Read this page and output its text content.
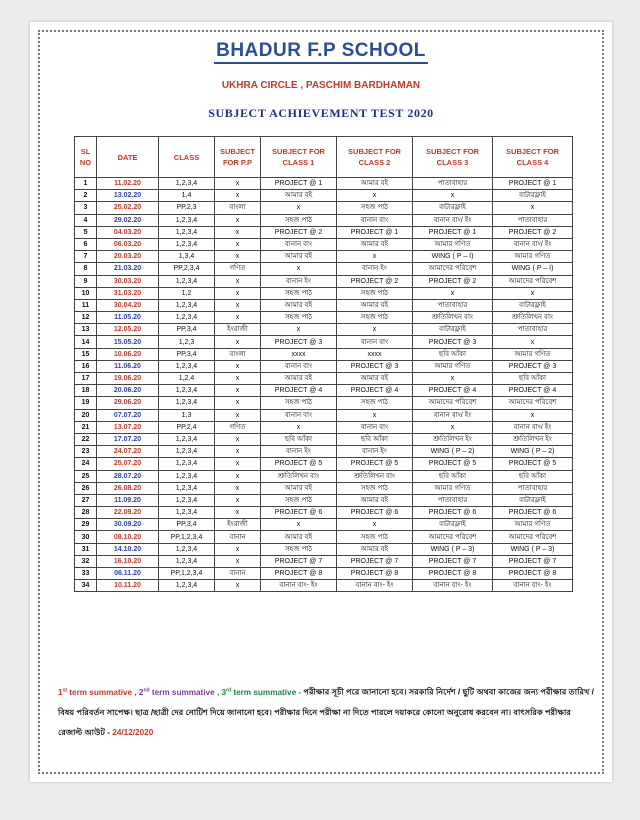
BHADUR F.P SCHOOL
UKHRA CIRCLE , PASCHIM BARDHAMAN
SUBJECT ACHIEVEMENT TEST 2020
SL NO	DATE	CLASS	SUBJECT FOR P.P	SUBJECT FOR CLASS 1	SUBJECT FOR CLASS 2	SUBJECT FOR CLASS 3	SUBJECT FOR CLASS 4
1	11.02.20	1,2,3,4	x	PROJECT @ 1	আমার বই	পাতাবাহার	PROJECT @ 1
2	13.02.20	1,4	x	আমার বই	x	x	বাটারফ্লাই
3	25.02.20	PP,2,3	বাংলা	x	সহজ পাঠ	বাটারফ্লাই	x
4	29.02.20	1,2,3,4	x	সহজ পাঠ	বানান বাং	বানান বাং/ ইং	পাতাবাহার
5	04.03.20	1,2,3,4	x	PROJECT @ 2	PROJECT @ 1	PROJECT @ 1	PROJECT @ 2
6	06.03.20	1,2,3,4	x	বানান বাং	আমার বই	আমার গণিত	বানান বাং/ ইং
7	20.03.20	1,3,4	x	আমার বই	x	WING ( P – I)	আমার গণিত
8	21.03.20	PP,2,3,4	গণিত	x	বানান ইং	আমাদের পরিবেশ	WING ( P – I)
9	30.03.20	1,2,3,4	x	বানান ইং	PROJECT @ 2	PROJECT @ 2	আমাদের পরিবেশ
10	31.03.20	1,2	x	সহজ পাঠ	সহজ পাঠ	x	x
11	30.04.20	1,2,3,4	x	আমার বই	আমার বই	পাতাবাহার	বাটারফ্লাই
12	11.05.20	1,2,3,4	x	সহজ পাঠ	সহজ পাঠ	শ্রুতিলিখন বাং	শ্রুতিলিখন বাং
13	12.05.20	PP,3,4	ইংরাজী	x	x	বাটারফ্লাই	পাতাবাহার
14	15.05.20	1,2,3	x	PROJECT @ 3	বানান বাং	PROJECT @ 3	x
15	10.06.20	PP,3,4	বাংলা	xxxx	xxxx	ছবি আঁকা	আমার গণিত
16	11.06.20	1,2,3,4	x	বানান বাং	PROJECT @ 3	আমার গণিত	PROJECT @ 3
17	19.06.20	1,2,4	x	আমার বই	আমার বই	x	ছবি আঁকা
18	20.06.20	1,2,3,4	x	PROJECT @ 4	PROJECT @ 4	PROJECT @ 4	PROJECT @ 4
19	29.06.20	1,2,3,4	x	সহজ পাঠ	সহজ পাঠ	আমাদের পরিবেশ	আমাদের পরিবেশ
20	07.07.20	1,3	x	বানান বাং	x	বানান বাং/ ইং	x
21	13.07.20	PP,2,4	গণিত	x	বানান বাং	x	বানান বাং/ ইং
22	17.07.20	1,2,3,4	x	ছবি আঁকা	ছবি আঁকা	শ্রুতিলিখন ইং	শ্রুতিলিখন ইং
23	24.07.20	1,2,3,4	x	বানান ইং	বানান ইং	WING ( P – 2)	WING ( P – 2)
24	25.07.20	1,2,3,4	x	PROJECT @ 5	PROJECT @ 5	PROJECT @ 5	PROJECT @ 5
25	28.07.20	1,2,3,4	x	শ্রুতিলিখন বাং	শ্রুতিলিখন বাং	ছবি আঁকা	ছবি আঁকা
26	26.08.20	1,2,3,4	x	আমার বই	সহজ পাঠ	আমার গণিত	পাতাবাহার
27	11.09.20	1,2,3,4	x	সহজ পাঠ	আমার বই	পাতাবাহার	বাটারফ্লাই
28	22.09.20	1,2,3,4	x	PROJECT @ 6	PROJECT @ 6	PROJECT @ 6	PROJECT @ 6
29	30.09.20	PP,3,4	ইংরাজী	x	x	বাটারফ্লাই	আমার গণিত
30	08.10.20	PP,1,2,3,4	বানান	আমার বই	সহজ পাঠ	আমাদের পরিবেশ	আমাদের পরিবেশ
31	14.10.20	1,2,3,4	x	সহজ পাঠ	আমার বই	WING ( P – 3)	WING ( P – 3)
32	16.10.20	1,2,3,4	x	PROJECT @ 7	PROJECT @ 7	PROJECT @ 7	PROJECT @ 7
33	06.11.20	PP,1,2,3,4	বানান	PROJECT @ 8	PROJECT @ 8	PROJECT @ 8	PROJECT @ 8
34	10.11.20	1,2,3,4	x	বানান বাং- ইং	বানান বাং- ইং	বানান বাং- ইং	বানান বাং- ইং
1st term summative , 2nd term summative , 3rd term summative - পরীক্ষার সূচী পরে জানানো হবে। সরকারি নির্দেশ / ছুটি অথবা কাজের জন্য পরীক্ষার তারিখ / বিষয় পরিবর্তন সাপেক্ষ। ছাত্র /ছাত্রী দের নোটিশ দিয়ে জানানো হবে। পরীক্ষার দিনে পরীক্ষা না দিতে পারলে দয়াকরে কোনো অনুরোধ করবেন না। বাৎসরিক পরীক্ষার রেজাল্ট আউট - 24/12/2020
